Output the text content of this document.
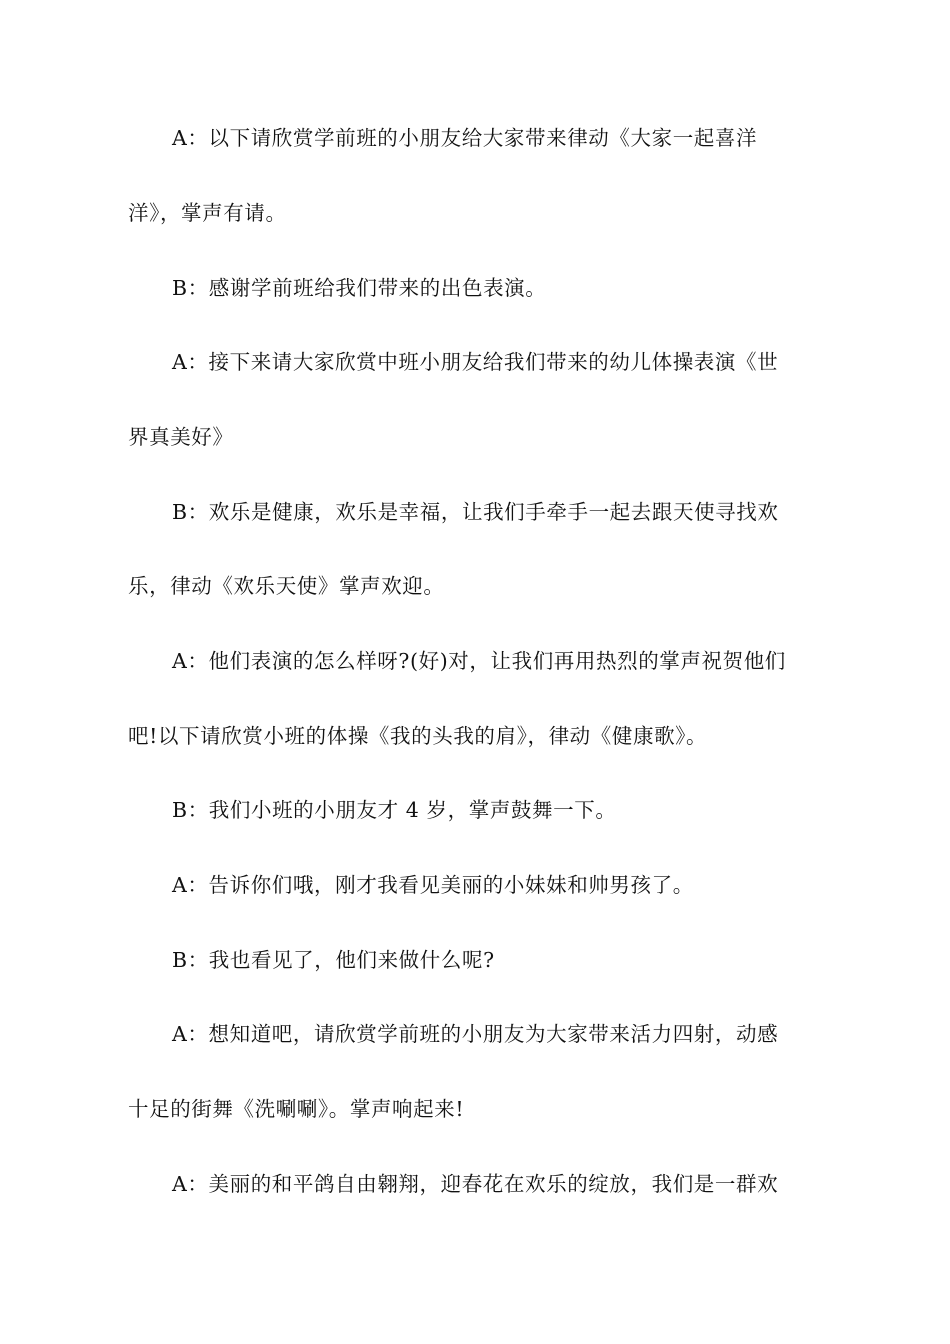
A：以下请欣赏学前班的小朋友给大家带来律动《大家一起喜洋
洋》，掌声有请。
B：感谢学前班给我们带来的出色表演。
A：接下来请大家欣赏中班小朋友给我们带来的幼儿体操表演《世
界真美好》
B：欢乐是健康，欢乐是幸福，让我们手牵手一起去跟天使寻找欢
乐，律动《欢乐天使》掌声欢迎。
A：他们表演的怎么样呀?(好)对，让我们再用热烈的掌声祝贺他们
吧!以下请欣赏小班的体操《我的头我的肩》，律动《健康歌》。
B：我们小班的小朋友才 4 岁，掌声鼓舞一下。
A：告诉你们哦，刚才我看见美丽的小妹妹和帅男孩了。
B：我也看见了，他们来做什么呢?
A：想知道吧，请欣赏学前班的小朋友为大家带来活力四射，动感
十足的街舞《洗唰唰》。掌声响起来!
A：美丽的和平鸽自由翱翔，迎春花在欢乐的绽放，我们是一群欢
